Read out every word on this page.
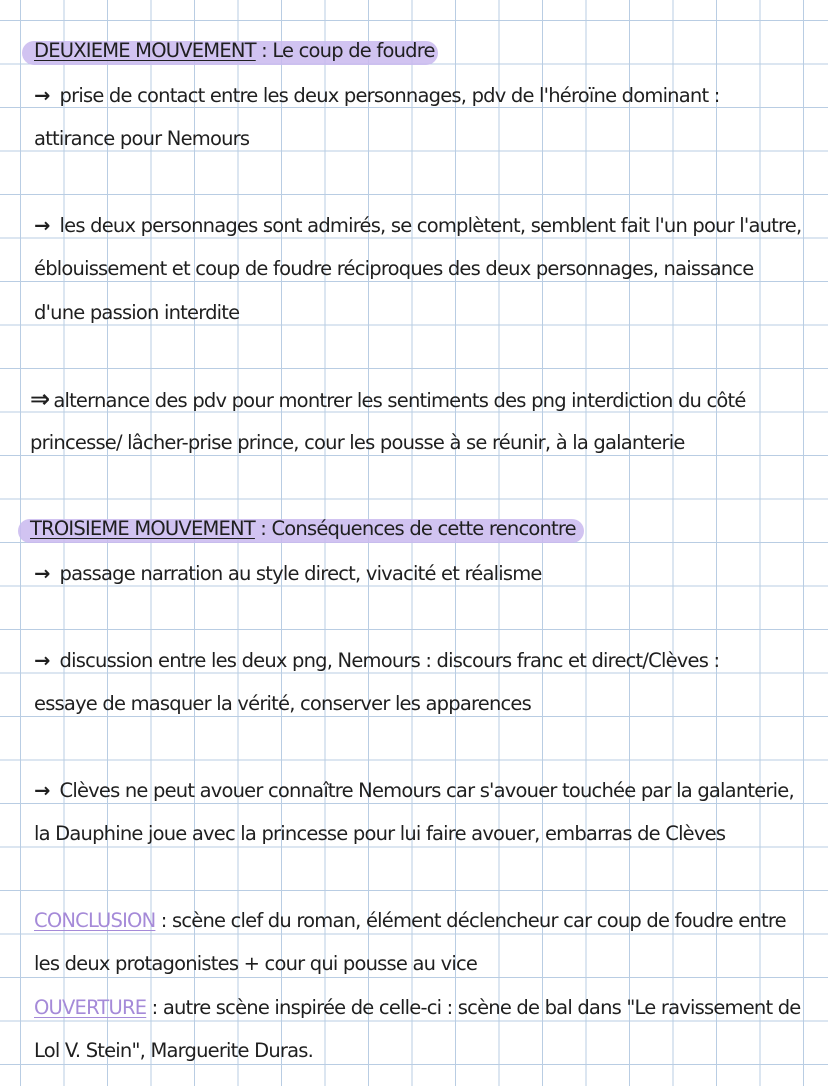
DEUXIEME MOUVEMENT : Le coup de foudre
→ prise de contact entre les deux personnages, pdv de l'héroïne dominant :
attirance pour Nemours
→ les deux personnages sont admirés, se complètent, semblent fait l'un pour l'autre,
éblouissement et coup de foudre réciproques des deux personnages, naissance
d'une passion interdite
⇒ alternance des pdv pour montrer les sentiments des png interdiction du côté
princesse/ lâcher-prise prince, cour les pousse à se réunir, à la galanterie
TROISIEME MOUVEMENT : Conséquences de cette rencontre
→ passage narration au style direct, vivacité et réalisme
→ discussion entre les deux png, Nemours : discours franc et direct/Clèves :
essaye de masquer la vérité, conserver les apparences
→ Clèves ne peut avouer connaître Nemours car s'avouer touchée par la galanterie,
la Dauphine joue avec la princesse pour lui faire avouer, embarras de Clèves
CONCLUSION : scène clef du roman, élément déclencheur car coup de foudre entre
les deux protagonistes + cour qui pousse au vice
OUVERTURE : autre scène inspirée de celle-ci : scène de bal dans "Le ravissement de
Lol V. Stein", Marguerite Duras.
